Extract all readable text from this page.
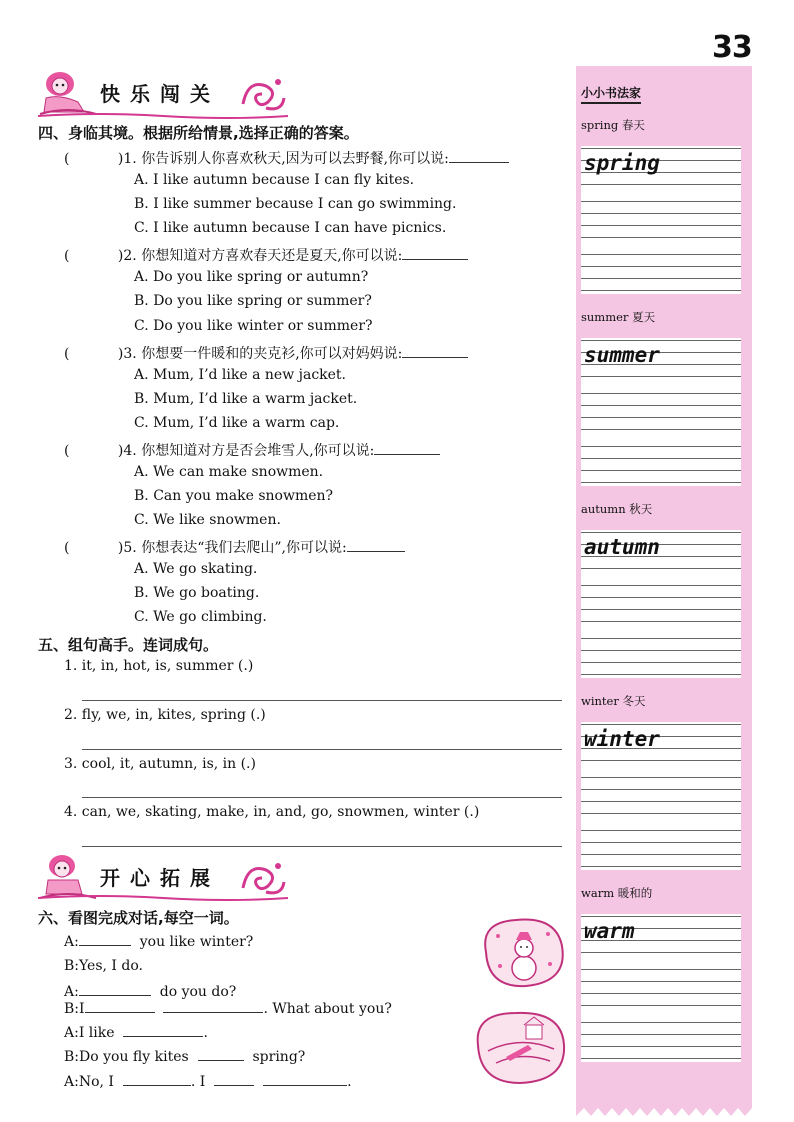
33
快乐闯关
四、身临其境。根据所给情景,选择正确的答案。
(	)1. 你告诉别人你喜欢秋天,因为可以去野餐,你可以说:
A. I like autumn because I can fly kites.
B. I like summer because I can go swimming.
C. I like autumn because I can have picnics.
(	)2. 你想知道对方喜欢春天还是夏天,你可以说:
A. Do you like spring or autumn?
B. Do you like spring or summer?
C. Do you like winter or summer?
(	)3. 你想要一件暖和的夹克衫,你可以对妈妈说:
A. Mum, I’d like a new jacket.
B. Mum, I’d like a warm jacket.
C. Mum, I’d like a warm cap.
(	)4. 你想知道对方是否会堆雪人,你可以说:
A. We can make snowmen.
B. Can you make snowmen?
C. We like snowmen.
(	)5. 你想表达“我们去爬山”,你可以说:
A. We go skating.
B. We go boating.
C. We go climbing.
五、组句高手。连词成句。
1. it, in, hot, is, summer (.)
2. fly, we, in, kites, spring (.)
3. cool, it, autumn, is, in (.)
4. can, we, skating, make, in, and, go, snowmen, winter (.)
开心拓展
六、看图完成对话,每空一词。
A:	you like winter?
B:Yes, I do.
A:	do you do?
B:I	. What about you?
A:I like	.
B:Do you fly kites	spring?
A:No, I	. I	.
小小书法家
spring 春天
spring
summer 夏天
summer
autumn 秋天
autumn
winter 冬天
winter
warm 暖和的
warm
